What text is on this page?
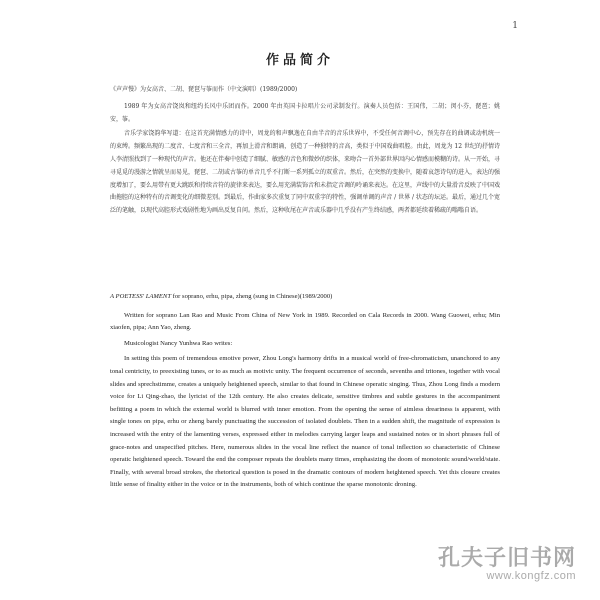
1
作品简介

《声声慢》为女高音、二胡、琵琶与筝而作（中文演唱）(1989/2000)

1989 年为女高音饶岚和纽约长风中乐团而作。2000 年由英国卡拉唱片公司录制发行。演奏人员包括：王国伟，二胡；闵小芬，琵琶；姚安，筝。

音乐学家饶韵华写道：在这首充满情感力的诗中，周龙的和声飘逸在自由半音的音乐世界中，不受任何音调中心，预先存在的曲调或动机统一的束缚。频繁出现的二度音、七度音和三全音，再加上滑音和朗诵，创造了一种独特的音高，类似于中国戏曲唱腔。由此，周龙为 12 世纪的抒情诗人李清照找到了一种现代的声音。他还在伴奏中创造了细腻、敏感的音色和微妙的织体，来吻合一首外部世界因内心情感而模糊的诗。从一开始，寻寻觅觅的漫游之情就呈而易见，琵琶、二胡或古筝的单音几乎不打断一系列孤立的双重音。然后，在突然的变换中，随着哀怨诗句的进入，表达的强度增加了，要么用带有更大跳跃和持续音符的旋律来表达，要么用充满装饰音和未指定音调的呤诵来表达。在这里，声线中的大量滑音反映了中国戏曲拖腔的这种特有的音调变化的细微差别。到最后，作曲家多次重复了同中双重字的特性，强调单调的声音 / 世界 / 状态的坛运。最后，通过几个宽泛的笔触，以现代高腔形式戏剧性地为画出反复自问。然后，这种收尾在声音或乐器中几乎没有产生终结感，两者都延续着稀疏的嗡嗡自语。

A POETESS' LAMENT for soprano, erhu, pipa, zheng (sung in Chinese)(1989/2000)

Written for soprano Lan Rao and Music From China of New York in 1989. Recorded on Cala Records in 2000. Wang Guowei, erhu; Min xiaofen, pipa; Ann Yao, zheng.

Musicologist Nancy Yunhwa Rao writes:

In setting this poem of tremendous emotive power, Zhou Long's harmony drifts in a musical world of free-chromaticism, unanchored to any tonal centricity, to preexisting tunes, or to as much as motivic unity. The frequent occurrence of seconds, sevenths and tritones, together with vocal slides and sprechstimme, creates a uniquely heightened speech, similar to that found in Chinese operatic singing. Thus, Zhou Long finds a modern voice for Li Qing-zhao, the lyricist of the 12th century. He also creates delicate, sensitive timbres and subtle gestures in the accompaniment befitting a poem in which the external world is blurred with inner emotion. From the opening the sense of aimless dreariness is apparent, with single tones on pipa, erhu or zheng barely punctuating the succession of isolated doublets. Then in a sudden shift, the magnitude of expression is increased with the entry of the lamenting verses, expressed either in melodies carrying larger leaps and sustained notes or in short phrases full of grace-notes and unspecified pitches. Here, numerous slides in the vocal line reflect the nuance of tonal inflection so characteristic of Chinese operatic heightened speech. Toward the end the composer repeats the doublets many times, emphasizing the doom of monotonic sound/world/state. Finally, with several broad strokes, the rhetorical question is posed in the dramatic contours of modern heightened speech. Yet this closure creates little sense of finality either in the voice or in the instruments, both of which continue the sparse monotonic droning.

孔夫子旧书网
www.kongfz.com
